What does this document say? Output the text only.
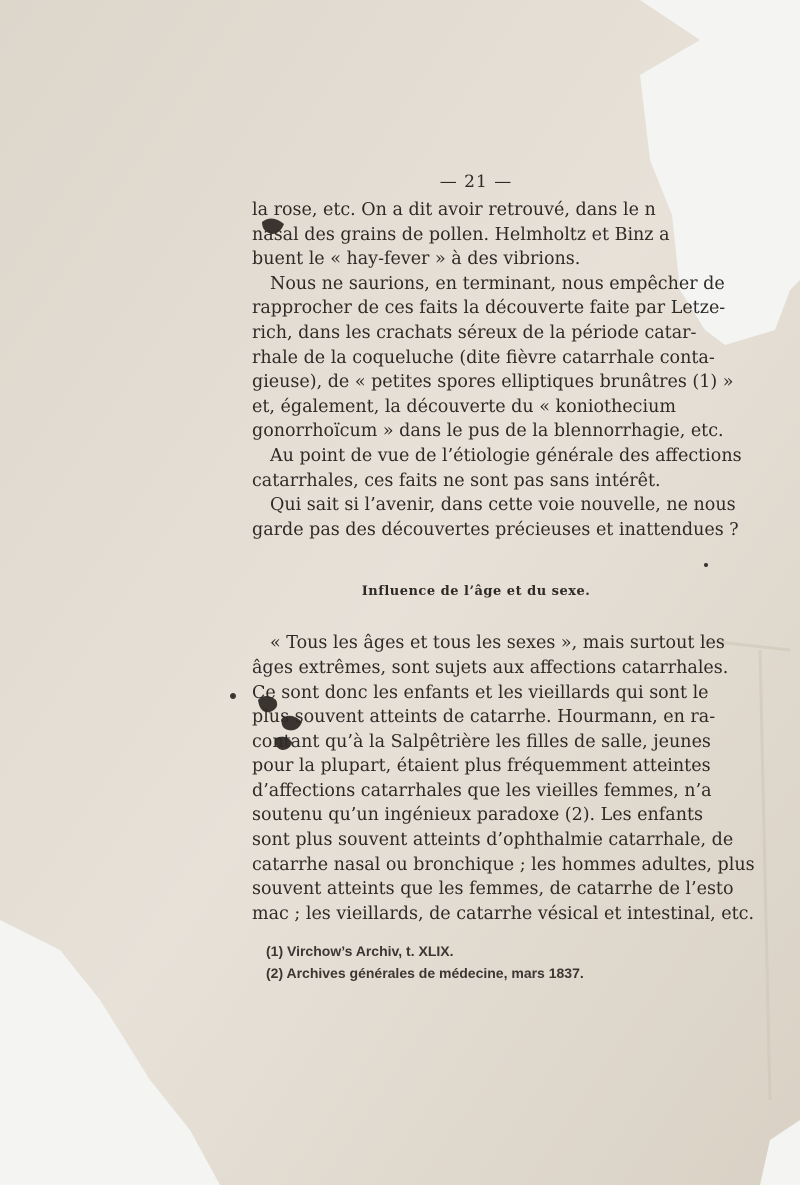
— 21 —

la rose, etc. On a dit avoir retrouvé, dans le n

nasal des grains de pollen. Helmholtz et Binz a

buent le « hay-fever » à des vibrions.

Nous ne saurions, en terminant, nous empêcher de

rapprocher de ces faits la découverte faite par Letze-

rich, dans les crachats séreux de la période catar-

rhale de la coqueluche (dite fièvre catarrhale conta-

gieuse), de « petites spores elliptiques brunâtres (1) »

et, également, la découverte du « koniothecium

gonorrhoïcum » dans le pus de la blennorrhagie, etc.

Au point de vue de l’étiologie générale des affections

catarrhales, ces faits ne sont pas sans intérêt.

Qui sait si l’avenir, dans cette voie nouvelle, ne nous

garde pas des découvertes précieuses et inattendues ?

Influence de l’âge et du sexe.

« Tous les âges et tous les sexes », mais surtout les

âges extrêmes, sont sujets aux affections catarrhales.

Ce sont donc les enfants et les vieillards qui sont le

plus souvent atteints de catarrhe. Hourmann, en ra-

contant qu’à la Salpêtrière les filles de salle, jeunes

pour la plupart, étaient plus fréquemment atteintes

d’affections catarrhales que les vieilles femmes, n’a

soutenu qu’un ingénieux paradoxe (2). Les enfants

sont plus souvent atteints d’ophthalmie catarrhale, de

catarrhe nasal ou bronchique ; les hommes adultes, plus

souvent atteints que les femmes, de catarrhe de l’esto

mac ; les vieillards, de catarrhe vésical et intestinal, etc.

(1) Virchow’s Archiv, t. XLIX.

(2) Archives générales de médecine, mars 1837.
